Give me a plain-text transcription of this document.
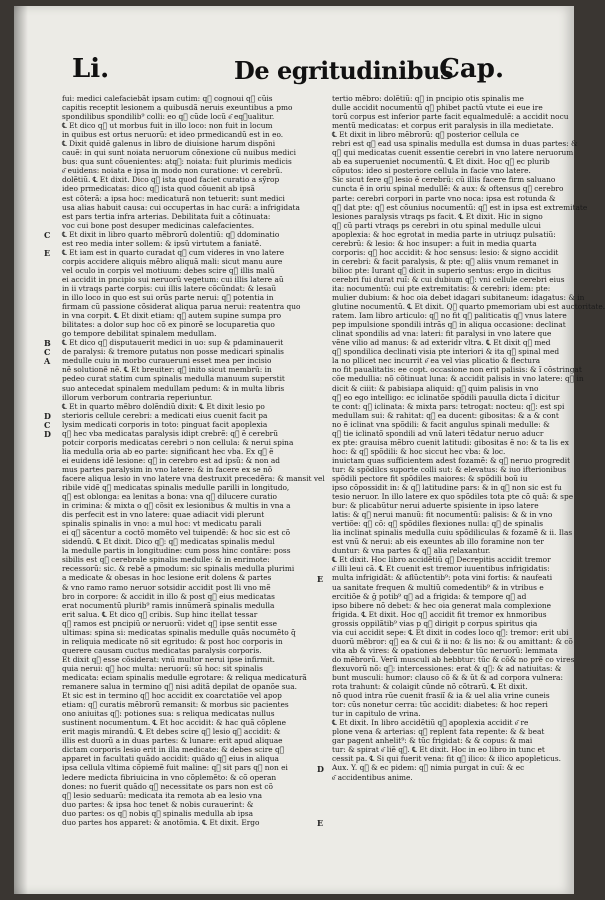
Li.	De egritudinibus
Cap.
fui: medici calefaciebãt ipsam cutim: qᷣ cognoui qᷣ cũis
capitis receptit lesionem a quibusdã neruis exeuntibus a pmo
spondilibus spondilib⁹ colli: eo qᷣ cũde locũ e͂ eqᷣualitur.
℄ Et dico qᷣ ut morbus fuit in illo loco: non fuit in locum
in quibus est ortus neruorũ: et ideo prmedicandũ est in eo.
℄ Dixit quidẽ galenus in libro de diuisione harum dispõni
cauẽ: in qui sunt noiata neruorum cõnexione cũ nuibus medici
bus: qua sunt cõuenientes: atqᷣ: noiata: fuit plurimis medicis
e͂ euidens: noiata e ipsa in modo non curatione: vt cerebrũ.
dolẽtiũ. ℄ Et dixit. Dico qᷣ ista quod faciet curatio a sỹrop
ideo prmedicatas: dico qᷣ ista quod cõuenit ab ipsã
est cõterã: a ipsa hoc: medicaturã non tetuerit: sunt medici
usa alias habuit causa: cui occupertas in hac curã: a infrigidata
est pars tertia infra arterias. Debilitata fuit a cõtinuata:
voc cui bone post desuper medicinas calefacientes.
℄ Et dixit in libro quarto mẽbrorũ dolentiũ: qᷣ ddominatio
est reo media inter sollem: & ipsũ virtutem a faniatẽ.
℄ Et iam est in quarto curadat qᷣ cum videres in vno latere
corpis accidere aliquis mẽbro aliquã mali: sicut manu aure
vel oculo in corpis vel motiuum: debes scire qᷣ illis malũ
ei accidit in pncipio sui neruorũ vegetum: cui illis latere aũ
in ii vtraqs parte corpis: cui illis latere cõcũndat: & lesaũ
in illo loco in quo est sui orũs parte nerui: qᷣ potentia in
firmam cũ passione cõsiderat aliqua parua nerui: reatentra quo
in vna corpit. ℄ Et dixit etiam: qᷣ autem supine sumpa pro
bilitates: a dolor sup hoc cõ ex pinorẽ se locuparetia quo
go tempore debilitat spinalem medullam.
℄ Et dico qᷣ disputauerit medici in uo: sup & pdaminauerit
de paralysi: & tremore putatus non posse medicari spinalis
medulle cuiu in morbo curaueruni esset mea per incisio
nẽ solutionẽ nẽ. ℄ Et breuiter: qᷣ inito sicut membrũ: in
pedeo curat statim cum spinalis medulla manuum superstit
suo antecedat spinalem medullam pedum: & in multa libris
illorum verborum contraria reperiuntur.
℄ Et in quarto mẽbro dolẽndiũ dixit: ℄ Et dixit lesio po
sterioris cellule cerebri: a medicati eius cuenit facit pa
lysim medicati corporis in toto: pinguat facit apoplexia
qᷣ hec vba medicatas paralysis idipt crebrẽ: qᷣ ẽ cerebrũ
potcir corporis medicatas cerebri ↄ non cellula: & nerui spina
lia medulla oria ab eo parte: significant hec vba. Ex qᷣ ẽ
ei euidens idẽ lesione: qᷣ in cerebro est ad ipsũ: & non ad
mus partes paralysim in vno latere: & in facere ex se nõ
facere aliqua lesio in vno latere vna destruxit precedẽra: & mansit vel
ribile vidẽ qᷣ medicatas spinalis medulle parilli in longitudo,
qᷣ est oblonga: ea lenitas a bona: vna qᷣ dilucere curatio
in crimina: & mixta o qᷣ cõsit ex lesionibus & multis in vna a
dis perfecit est in vno latere: quae adiacit vidi plerunt
spinalis spinalis in vno: a mul hoc: vt medicatu parali
ei qᷣ sãcentur a coctõ momẽto vel tuipendẽ: & hoc sic est cõ
sidendũ. ℄ Et dixit. Dico qᷣ: qᷣ medicatas spinalis medul
la medulle partis in longitudine: cum poss hinc contãre: poss
sibilis est qᷣ cerebrale spinalis medulle: & in enrimote:
recessorũ: sic. & rebẽ a pmodum: sic spinalis medulla plurimi
a medicate & obesas in hoc lesione erit dolens & partes
& vno ramo ramo neruor sotsidir accidit post lli vno mẽ
bro in corpore: & accidit in illo & post qᷣ eius medicatas
erat nocumentũ plurib⁹ ramis innũmerã spinalis medulla
erit salua. ℄ Et dico qᷣ cribis. Sup hinc itellat tessar
qᷣ ramos est pncipiũ orͬ neruorũ: videt qᷣ ipse sentit esse
ultimas: spina si: medicatas spinalis medulle quãs nocumẽto q̃
in reliquia medicate nõ sit egritudo: & post hoc corporis in
querere causam cuctus medicatas paralysis corporis.
Et dixit qᷣ esse cõsiderat: vnũ multor nerui ipse infirmit.
quia nerui: qᷣ hoc multa: neruorũ: sũ hoc: sit spinalis
medicata: eciam spinalis medulle egrotare: & reliqua medicaturã
remanere salua in termino qᷣ nisi aditã depilat de opanõe sua.
Et sic est in termino qᷣ hoc accidit ex coarctatiõe vel apop
etiam: qᷣ curatis mẽbrorũ remansit: & morbus sic pacientes
ono aniuitas qᷣ: potiones sua: s reliqua medicatas nullus
sustinent nocumentum. ℄ Et hoc accidit: & hac quã cõplene
erit magis mirandũ. ℄ Et debes scire qᷣ lesio qᷣ accidit: &
illis est duorũ a in duas partes: & lunare: erit apud aliquae
dictam corporis lesio erit in illa medicate: & debes scire qᷣ
apparet in facultati quãdo accidit: quãdo qᷣ eius in aliqua
ipsa cellula vltima cõpiemẽ fuit maline: qᷣ sit pars qᷣ non ei
ledere medicta fibriuicina in vno cõplemẽto: & cõ operan
dones: no fuerit quãdo qᷣ necessitate os pars non est cõ
qᷣ lesio seduarũ: medicata ita remota ab ea lesio vna
duo partes: & ipsa hoc tenet & nobis curauerint: &
duo partes: os qᷣ nobis qᷣ spinalis medulla ab ipsa
duo partes hos apparet: & anotõmia. ℄ Et dixit. Ergo
tertio mẽbro: dolẽtiũ: qᷣ in pncipio otis spinalis me
dulle accidit nocumentũ qᷣ phibet pactũ vtute ei eue ire
torũ corpus est inferior parte facit equalmedulẽ: a accidit nocu
mentũ medicatas: et corpus erit paralysis in illa medietate.
℄ Et dixit in libro mẽbrorũ: qᷣ posterior cellula ce
rebri est qᷣ ead usa spinalis medulla est dumsa in duas partes: &
qᷣ qui medicatas cuenit essentie cerebri in vno latere neruorum
ab ea superueniet nocumentũ. ℄ Et dixit. Hoc qᷣ ec plurib
cõputos: ideo si posteriore cellula in facie vno latere.
Sic sicut fere qᷣ lesio ẽ cerebrũ: cũ illis facere firm saluano
cuncta ẽ in oriu spinal medullẽ: & aux: & oftensus qᷣ cerebro
parte: cerebri corpori in parte vno noca: ipsa est rotunda &
qᷣ dat pte: qᷣ est cõunius nocumentũ: qᷣ est in ipsa est extremitate
lesiones paralysis vtraqs ps facit. ℄ Et dixit. Hic in signo
qᷣ cũ parti vtraqs ps cerebri in otu spinal medulle ulcui
apoplexia: & hoc egrotat in media parte in utriuqz pulsatiũ:
cerebrũ: & lesio: & hoc insuper: a fuit in media quarta
corporis: qᷣ hoc accidit: & hoc sensus: lesio: & signo accidit
in cerebri: & facit paralysis, & pte: qᷣ aliis vnum remanet in
bilioc pte: Iurant qᷣ dicit in superio sentus: ergo in dicitus
cerebri fui durat ruĩ: & cui dubium qᷣ: vni cellule cerebri eius
ita: nocumentũ: cui pte extremitatis: & cerebri: idem: pte:
mulier dubium: & hoc oia debet idagari subitaneum: idagatus: & in
glutine nocumentũ. ℄ Et dixit. Qᷣ quarto pmemoriam ubi est auctoritate.
ratem. Iam libro articulo: qᷣ no fit qᷣ paliticatis qᷣ vnus latere
pep impulsione spondili intrãs qᷣ in aliqua occasione: declinat
clinat spondilis ad vna: lateri: fit paralysi in vno latere que
vẽne vilio ad manus: & ad exteridr vltra. ℄ Et dixit qᷣ med
qᷣ spondilica declinati visia pte interiori & ita qᷣ spinal med
la no pllicet nec incurrit e͂ ea vel vias plicatio & flectura
no fit paualitatis: ee copt. occasione non erit palisis: & ĩ cõstringat
cõe medullia: nõ cõtinuat luna: & accidit palisis in vno latere: qᷣ in
dicit & ciiit: & pabisiapa aliquid: qᷣ quim palisis in vno
qᷣ eo ego intelligo: ec iclinatõe spõdili pauulla dicta ĩ dicitur
te cont: qᷣ iclinata: & mixta pars: tetrogat: nocteu: qᷣ: est spi
medullam sui: & rahitat: qᷣ ea ducent: gibositas: & a & cont
no ẽ iclinat vna spõdili: & facit angulus spinali medulle: &
qᷣ tie iclinatõ spondili ad vnũ lateri tẽdatur neruo aducr
ex pte: grauisa mẽbro cuenit latitudi: gibositas ẽ no: & ta lis ex
hoc: & qᷣ spõdili: & hoc siccut hec vba: & loc.
inuictam quas sufficientem adest fozamẽ: & qᷣ neruo progredit
tur: & spõdilcs suporte colli sut: & elevatus: & iuo ifterionibus
spõdili pectore fit spõdiles maiores: & spõdili boũ iu
ipso cõpossidit in: & qᷣ latitudine pars: & in qᷣ non sic est fu
tesio neruor. In illo latere ex quo spõdiles tota pte cõ quã: & spe
bur: & plicabũtur nerui aduerte spisiente in ipso latere
latis: & qᷣ nerui manuũ: fit nocumentũ: palisis: & & in vno
vertiõe: qᷣ cõ: qᷣ spõdiles flexiones nulla: qᷣ de spinalis
lia inclinat spinalis medulla cuiu spõdiliculas & fozamẽ & ii. Ilas
est vnũ & nerui: ab eis exeuntes ab illo foramine non ter
duntur: & vna partes & qᷣ alia relaxantur.
℄ Et dixit. Hoc libro accidẽtiũ qᷣ Decrepitis accidit tremor
e͂ illi leui cã. ℄ Et cuenit est tremor iuuentibus infrigidatis:
multa infrigidãt: & aflũctentib⁹: pota vini fortis: & naufeati
ua sanitate frequen & multiũ comedentib⁹ & in vtribus e
ercitiõe & ḡ potib⁹ qᷣ ad a frigida: & tempore qᷣ ad
ipso bibere nõ debet: & hec oia generat mala complexione
frigida. ℄ Et dixit. Hoc qᷣ accidit fit tremor ex hnmoribus
grossis oppilãtib⁹ vias p qᷣ dirigit p corpus spiritus qia
via cui accidit sepe: ℄ Et dixit in codes loco qᷣ: tremor: erit ubi
duorũ mẽbror: qᷣ ea & cui & ii no: & lis no: & ou amittant: & cõ
vita ab & vires: & opationes debentur tũc neruorũ: lemmata
do mẽbrorũ. Verũ musculi ab hebbtur: tũc & cõ& no prẽ co vires
flexuvorũ nõ: qᷣ: intercessiones: erat & qᷣ: & ad natiuitas: &
bunt musculi: humor: clauso cõ & & ũt & ad corpora vulnera:
rota trahunt: & colaigit cũnde nõ cõtrarũ. ℄ Et dixit.
nõ quod intra rũe cuenit frasiĩ & ia & uel alia vrine cuneis
tor: cũs nonetur cerra: tũc accidit: diabetes: & hoc reperi
tur in capitulo de vrina.
℄ Et dixit. In libro accidẽtiũ qᷣ apoplexia accidit e͂ re
plone vena & arterias: qᷣ replent fata repente: & & beat
gar pagent anhelit⁹: & tũc frigidat: & & copus: & mai
tur: & spirat e͂ liẽ qᷣ. ℄ Et dixit. Hoc in eo libro in tunc et
cessit pa. ℄ Si qui fuerit vena: fit qᷣ ilico: & ilico apopleticus.
Aux. Y. qᷣ & ec pidem: qᷣ nimia purgat in cuĩ: & ec
e͂ accidentibus anime.
C
E
B
C
A
D
C
D
E
D
E
